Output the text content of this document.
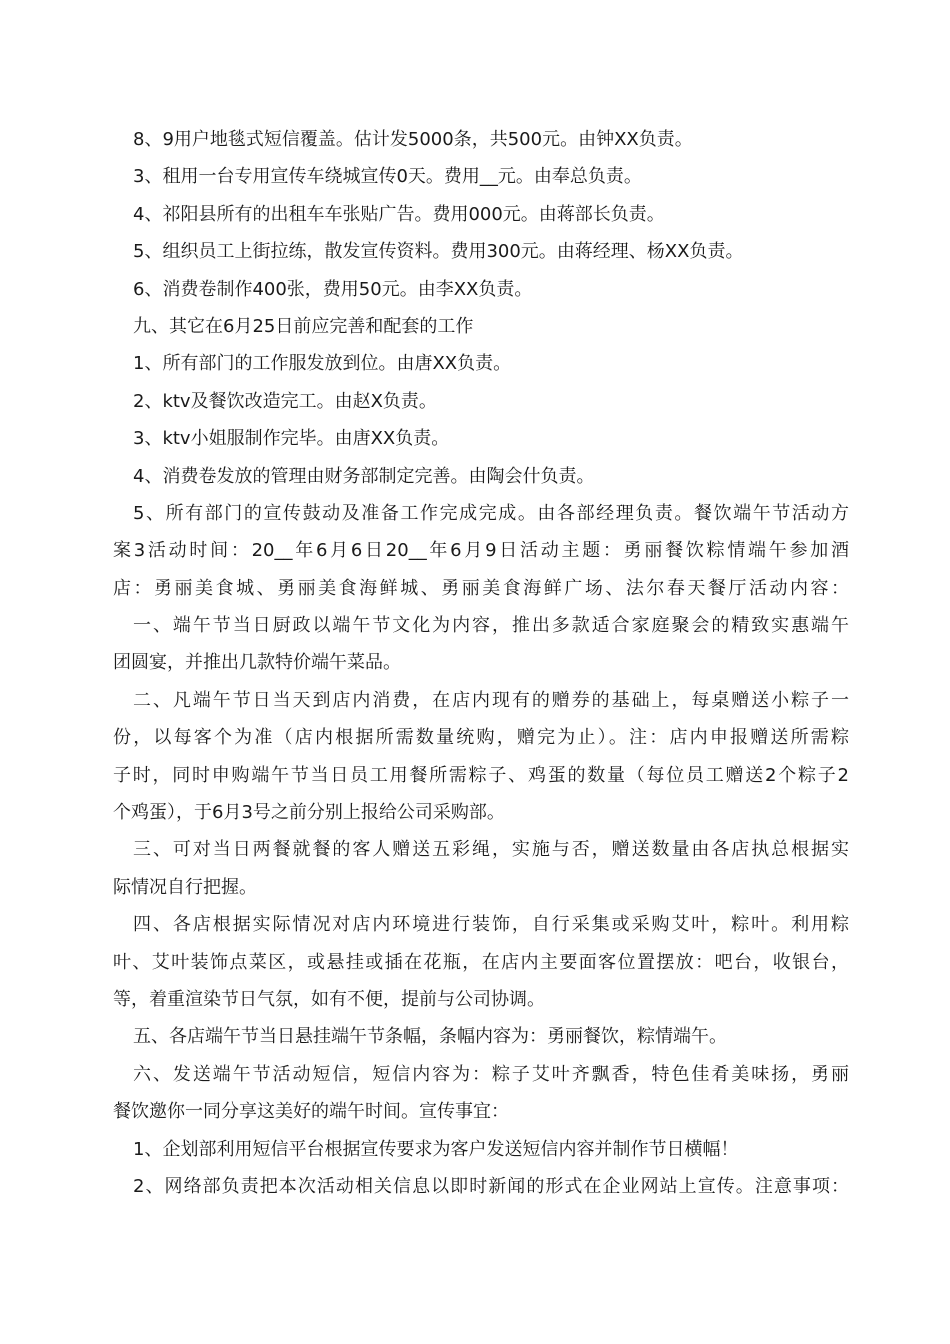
8、9用户地毯式短信覆盖。估计发5000条，共500元。由钟XX负责。
3、租用一台专用宣传车绕城宣传0天。费用__元。由奉总负责。
4、祁阳县所有的出租车车张贴广告。费用000元。由蒋部长负责。
5、组织员工上街拉练，散发宣传资料。费用300元。由蒋经理、杨XX负责。
6、消费卷制作400张，费用50元。由李XX负责。
九、其它在6月25日前应完善和配套的工作
1、所有部门的工作服发放到位。由唐XX负责。
2、ktv及餐饮改造完工。由赵X负责。
3、ktv小姐服制作完毕。由唐XX负责。
4、消费卷发放的管理由财务部制定完善。由陶会什负责。
5、所有部门的宣传鼓动及准备工作完成完成。由各部经理负责。餐饮端午节活动方
案3活动时间：20__年6月6日20__年6月9日活动主题：勇丽餐饮粽情端午参加酒
店：勇丽美食城、勇丽美食海鲜城、勇丽美食海鲜广场、法尔春天餐厅活动内容：
一、端午节当日厨政以端午节文化为内容，推出多款适合家庭聚会的精致实惠端午
团圆宴，并推出几款特价端午菜品。
二、凡端午节日当天到店内消费，在店内现有的赠券的基础上，每桌赠送小粽子一
份，以每客个为准（店内根据所需数量统购，赠完为止）。注：店内申报赠送所需粽
子时，同时申购端午节当日员工用餐所需粽子、鸡蛋的数量（每位员工赠送2个粽子2
个鸡蛋），于6月3号之前分别上报给公司采购部。
三、可对当日两餐就餐的客人赠送五彩绳，实施与否，赠送数量由各店执总根据实
际情况自行把握。
四、各店根据实际情况对店内环境进行装饰，自行采集或采购艾叶，粽叶。利用粽
叶、艾叶装饰点菜区，或悬挂或插在花瓶，在店内主要面客位置摆放：吧台，收银台，
等，着重渲染节日气氛，如有不便，提前与公司协调。
五、各店端午节当日悬挂端午节条幅，条幅内容为：勇丽餐饮，粽情端午。
六、发送端午节活动短信，短信内容为：粽子艾叶齐飘香，特色佳肴美味扬，勇丽
餐饮邀你一同分享这美好的端午时间。宣传事宜：
1、企划部利用短信平台根据宣传要求为客户发送短信内容并制作节日横幅！
2、网络部负责把本次活动相关信息以即时新闻的形式在企业网站上宣传。注意事项：
